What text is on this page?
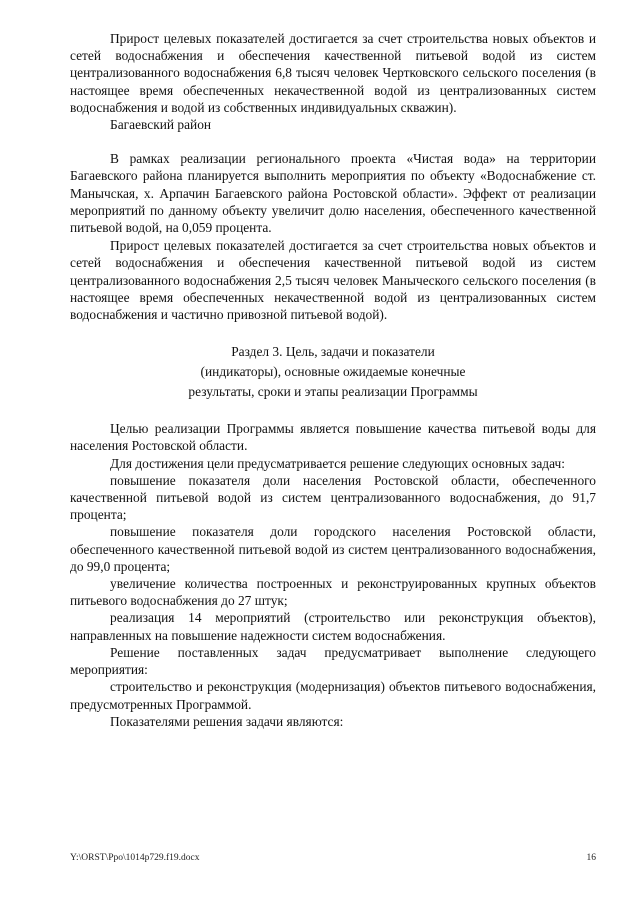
Прирост целевых показателей достигается за счет строительства новых объектов и сетей водоснабжения и обеспечения качественной питьевой водой из систем централизованного водоснабжения 6,8 тысяч человек Чертковского сельского поселения (в настоящее время обеспеченных некачественной водой из централизованных систем водоснабжения и водой из собственных индивидуальных скважин).

Багаевский район

В рамках реализации регионального проекта «Чистая вода» на территории Багаевского района планируется выполнить мероприятия по объекту «Водоснабжение ст. Манычская, х. Арпачин Багаевского района Ростовской области». Эффект от реализации мероприятий по данному объекту увеличит долю населения, обеспеченного качественной питьевой водой, на 0,059 процента.

Прирост целевых показателей достигается за счет строительства новых объектов и сетей водоснабжения и обеспечения качественной питьевой водой из систем централизованного водоснабжения 2,5 тысяч человек Манычеcкого сельского поселения (в настоящее время обеспеченных некачественной водой из централизованных систем водоснабжения и частично привозной питьевой водой).

Раздел 3. Цель, задачи и показатели
(индикаторы), основные ожидаемые конечные
результаты, сроки и этапы реализации Программы

Целью реализации Программы является повышение качества питьевой воды для населения Ростовской области.

Для достижения цели предусматривается решение следующих основных задач:

повышение показателя доли населения Ростовской области, обеспеченного качественной питьевой водой из систем централизованного водоснабжения, до 91,7 процента;

повышение показателя доли городского населения Ростовской области, обеспеченного качественной питьевой водой из систем централизованного водоснабжения, до 99,0 процента;

увеличение количества построенных и реконструированных крупных объектов питьевого водоснабжения до 27 штук;

реализация 14 мероприятий (строительство или реконструкция объектов), направленных на повышение надежности систем водоснабжения.

Решение поставленных задач предусматривает выполнение следующего мероприятия:

строительство и реконструкция (модернизация) объектов питьевого водоснабжения, предусмотренных Программой.

Показателями решения задачи являются:

Y:\ORST\Ppo\1014p729.f19.docx	16
